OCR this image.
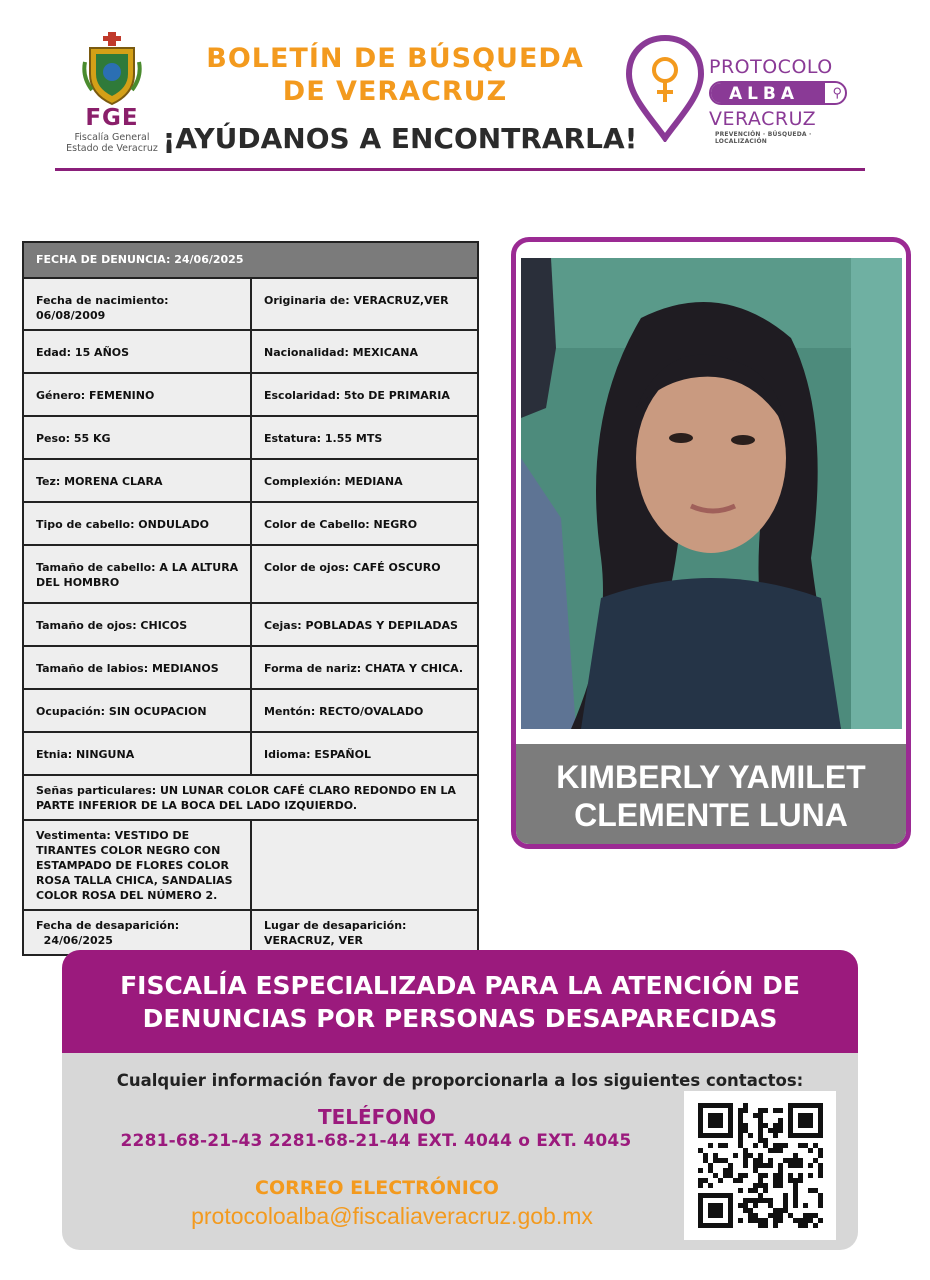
FGE
Fiscalía General
Estado de Veracruz
BOLETÍN DE BÚSQUEDA
DE VERACRUZ
¡AYÚDANOS A ENCONTRARLA!
PROTOCOLO
ALBA	⚲
VERACRUZ
PREVENCIÓN · BÚSQUEDA · LOCALIZACIÓN
FECHA DE DENUNCIA: 24/06/2025	
Fecha de nacimiento: 06/08/2009	Originaria de: VERACRUZ,VER
Edad: 15 AÑOS	Nacionalidad: MEXICANA
Género: FEMENINO	Escolaridad: 5to DE PRIMARIA
Peso: 55 KG	Estatura: 1.55 MTS
Tez: MORENA CLARA	Complexión: MEDIANA
Tipo de cabello: ONDULADO	Color de Cabello: NEGRO
Tamaño de cabello: A LA ALTURA DEL HOMBRO	Color de ojos: CAFÉ OSCURO
Tamaño de ojos: CHICOS	Cejas: POBLADAS Y DEPILADAS
Tamaño de labios: MEDIANOS	Forma de nariz: CHATA Y CHICA.
Ocupación: SIN OCUPACION	Mentón: RECTO/OVALADO
Etnia: NINGUNA	Idioma: ESPAÑOL
Señas particulares: UN LUNAR COLOR CAFÉ CLARO REDONDO EN LA PARTE INFERIOR DE LA BOCA DEL LADO IZQUIERDO.	
Vestimenta: VESTIDO DE TIRANTES COLOR NEGRO CON ESTAMPADO DE FLORES COLOR ROSA TALLA CHICA, SANDALIAS COLOR ROSA DEL NÚMERO 2.	
Fecha de desaparición:
24/06/2025	Lugar de desaparición: VERACRUZ, VER
KIMBERLY YAMILET
CLEMENTE LUNA
FISCALÍA ESPECIALIZADA PARA LA ATENCIÓN DE
DENUNCIAS POR PERSONAS DESAPARECIDAS
Cualquier información favor de proporcionarla a los siguientes contactos:
TELÉFONO
2281-68-21-43 2281-68-21-44 EXT. 4044 o EXT. 4045
CORREO ELECTRÓNICO
protocoloalba@fiscaliaveracruz.gob.mx
